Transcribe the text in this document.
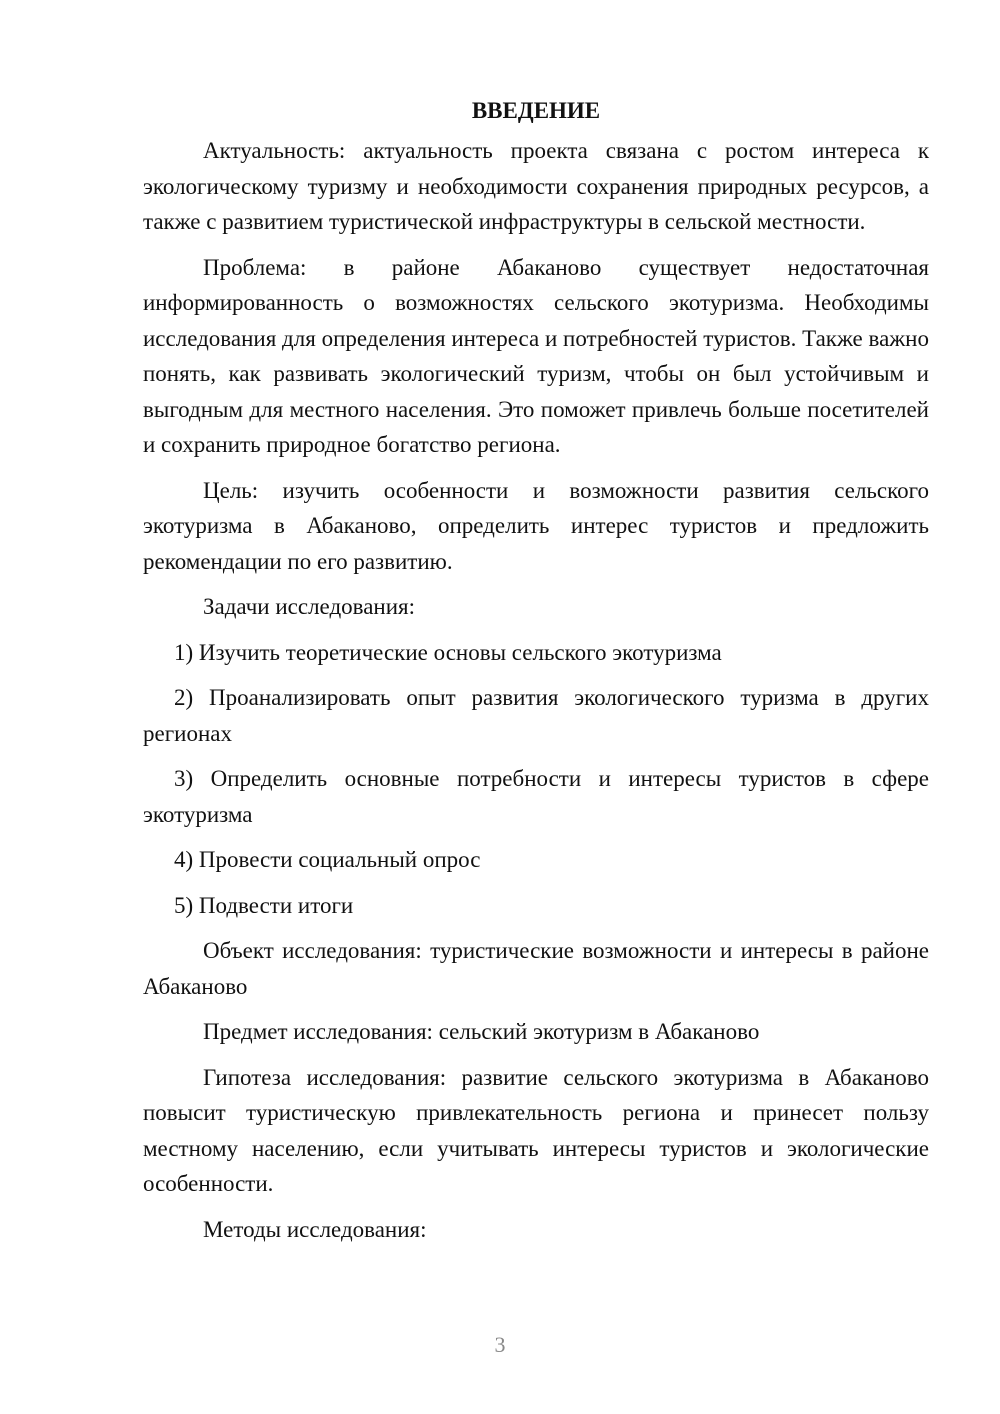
ВВЕДЕНИЕ

Актуальность: актуальность проекта связана с ростом интереса к экологическому туризму и необходимости сохранения природных ресурсов, а также с развитием туристической инфраструктуры в сельской местности.

Проблема: в районе Абаканово существует недостаточная информированность о возможностях сельского экотуризма. Необходимы исследования для определения интереса и потребностей туристов. Также важно понять, как развивать экологический туризм, чтобы он был устойчивым и выгодным для местного населения. Это поможет привлечь больше посетителей и сохранить природное богатство региона.

Цель: изучить особенности и возможности развития сельского экотуризма в Абаканово, определить интерес туристов и предложить рекомендации по его развитию.

Задачи исследования:

1) Изучить теоретические основы сельского экотуризма

2) Проанализировать опыт развития экологического туризма в других регионах

3) Определить основные потребности и интересы туристов в сфере экотуризма

4) Провести социальный опрос

5) Подвести итоги

Объект исследования: туристические возможности и интересы в районе Абаканово

Предмет исследования: сельский экотуризм в Абаканово

Гипотеза исследования: развитие сельского экотуризма в Абаканово повысит туристическую привлекательность региона и принесет пользу местному населению, если учитывать интересы туристов и экологические особенности.

Методы исследования:

3
